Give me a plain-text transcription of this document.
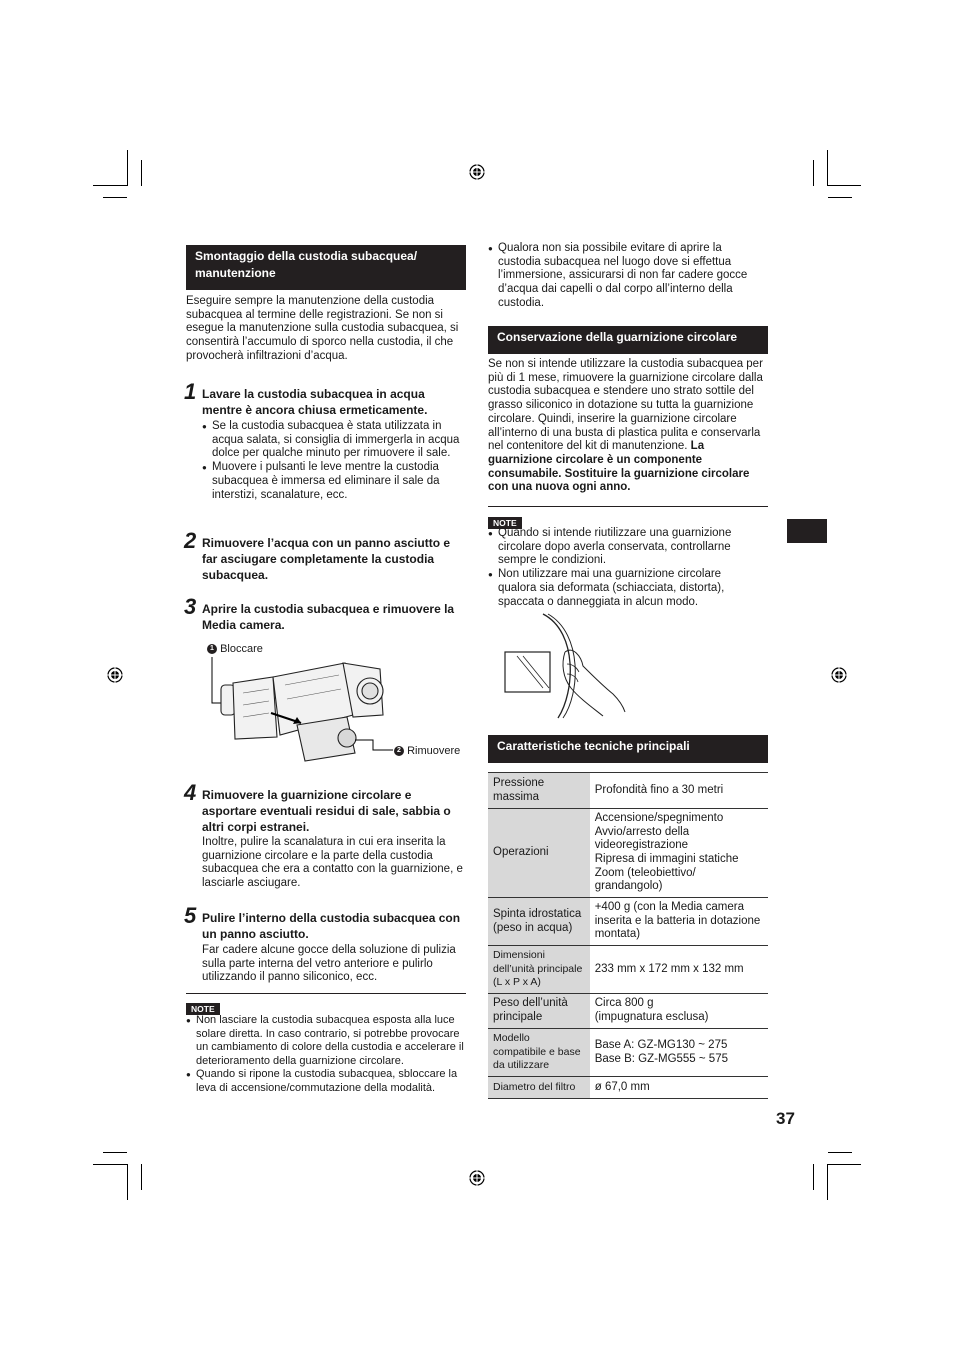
Smontaggio della custodia subacquea/ manutenzione

Eseguire sempre la manutenzione della custodia subacquea al termine delle registrazioni. Se non si esegue la manutenzione sulla custodia subacquea, si consentirà l’accumulo di sporco nella custodia, il che provocherà infiltrazioni d’acqua.

1 Lavare la custodia subacquea in acqua mentre è ancora chiusa ermeticamente.

● Se la custodia subacquea è stata utilizzata in acqua salata, si consiglia di immergerla in acqua dolce per qualche minuto per rimuovere il sale.
● Muovere i pulsanti le leve mentre la custodia subacquea è immersa ed eliminare il sale da interstizi, scanalature, ecc.
2 Rimuovere l’acqua con un panno asciutto e far asciugare completamente la custodia subacquea.

3 Aprire la custodia subacquea e rimuovere la Media camera.

1 Bloccare
2 Rimuovere
4 Rimuovere la guarnizione circolare e asportare eventuali residui di sale, sabbia o altri corpi estranei.

Inoltre, pulire la scanalatura in cui era inserita la guarnizione circolare e la parte della custodia subacquea che era a contatto con la guarnizione, e lasciarle asciugare.

5 Pulire l’interno della custodia subacquea con un panno asciutto.

Far cadere alcune gocce della soluzione di pulizia sulla parte interna del vetro anteriore e pulirlo utilizzando il panno siliconico, ecc.

NOTE
● Non lasciare la custodia subacquea esposta alla luce solare diretta. In caso contrario, si potrebbe provocare un cambiamento di colore della custodia e accelerare il deterioramento della guarnizione circolare.
● Quando si ripone la custodia subacquea, sbloccare la leva di accensione/commutazione della modalità.
● Qualora non sia possibile evitare di aprire la custodia subacquea nel luogo dove si effettua l’immersione, assicurarsi di non far cadere gocce d’acqua dai capelli o dal corpo all’interno della custodia.
Conservazione della guarnizione circolare

Se non si intende utilizzare la custodia subacquea per più di 1 mese, rimuovere la guarnizione circolare dalla custodia subacquea e stendere uno strato sottile del grasso siliconico in dotazione su tutta la guarnizione circolare. Quindi, inserire la guarnizione circolare all’interno di una busta di plastica pulita e conservarla nel contenitore del kit di manutenzione. La guarnizione circolare è un componente consumabile. Sostituire la guarnizione circolare con una nuova ogni anno.

NOTE
● Quando si intende riutilizzare una guarnizione circolare dopo averla conservata, controllarne sempre le condizioni.
● Non utilizzare mai una guarnizione circolare qualora sia deformata (schiacciata, distorta), spaccata o danneggiata in alcun modo.
Caratteristiche tecniche principali
Pressione massima	Profondità fino a 30 metri
Operazioni	Accensione/spegnimento
Avvio/arresto della videoregistrazione
Ripresa di immagini statiche
Zoom (teleobiettivo/ grandangolo)
Spinta idrostatica (peso in acqua)	+400 g (con la Media camera inserita e la batteria in dotazione montata)
Dimensioni dell’unità principale (L x P x A)	233 mm x 172 mm x 132 mm
Peso dell’unità principale	Circa 800 g
(impugnatura esclusa)
Modello compatibile e base da utilizzare	Base A: GZ-MG130 ~ 275
Base B: GZ-MG555 ~ 575
Diametro del filtro	ø 67,0 mm
37
